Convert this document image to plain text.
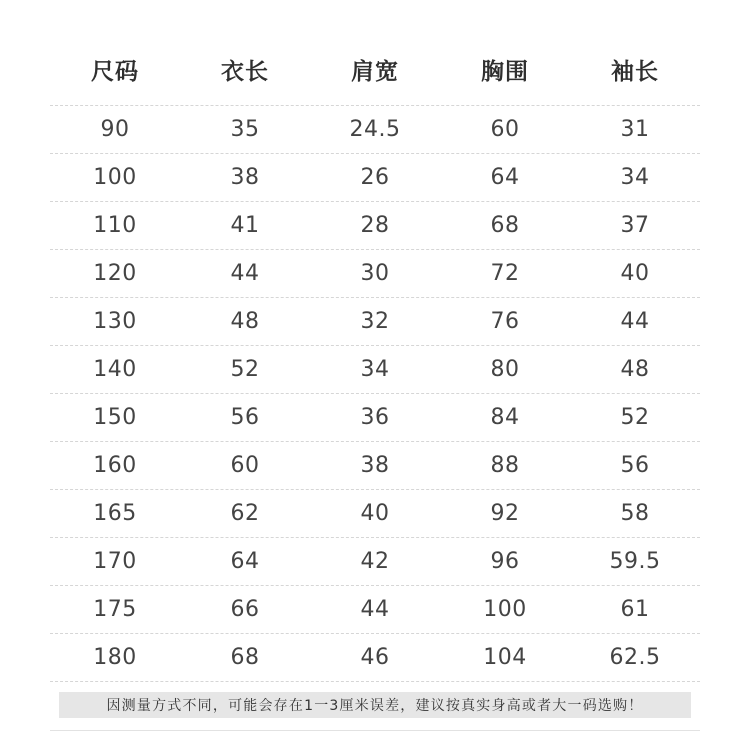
尺码	衣长	肩宽	胸围	袖长
90	35	24.5	60	31
100	38	26	64	34
110	41	28	68	37
120	44	30	72	40
130	48	32	76	44
140	52	34	80	48
150	56	36	84	52
160	60	38	88	56
165	62	40	92	58
170	64	42	96	59.5
175	66	44	100	61
180	68	46	104	62.5
因测量方式不同，可能会存在1一3厘米误差，建议按真实身高或者大一码选购！
